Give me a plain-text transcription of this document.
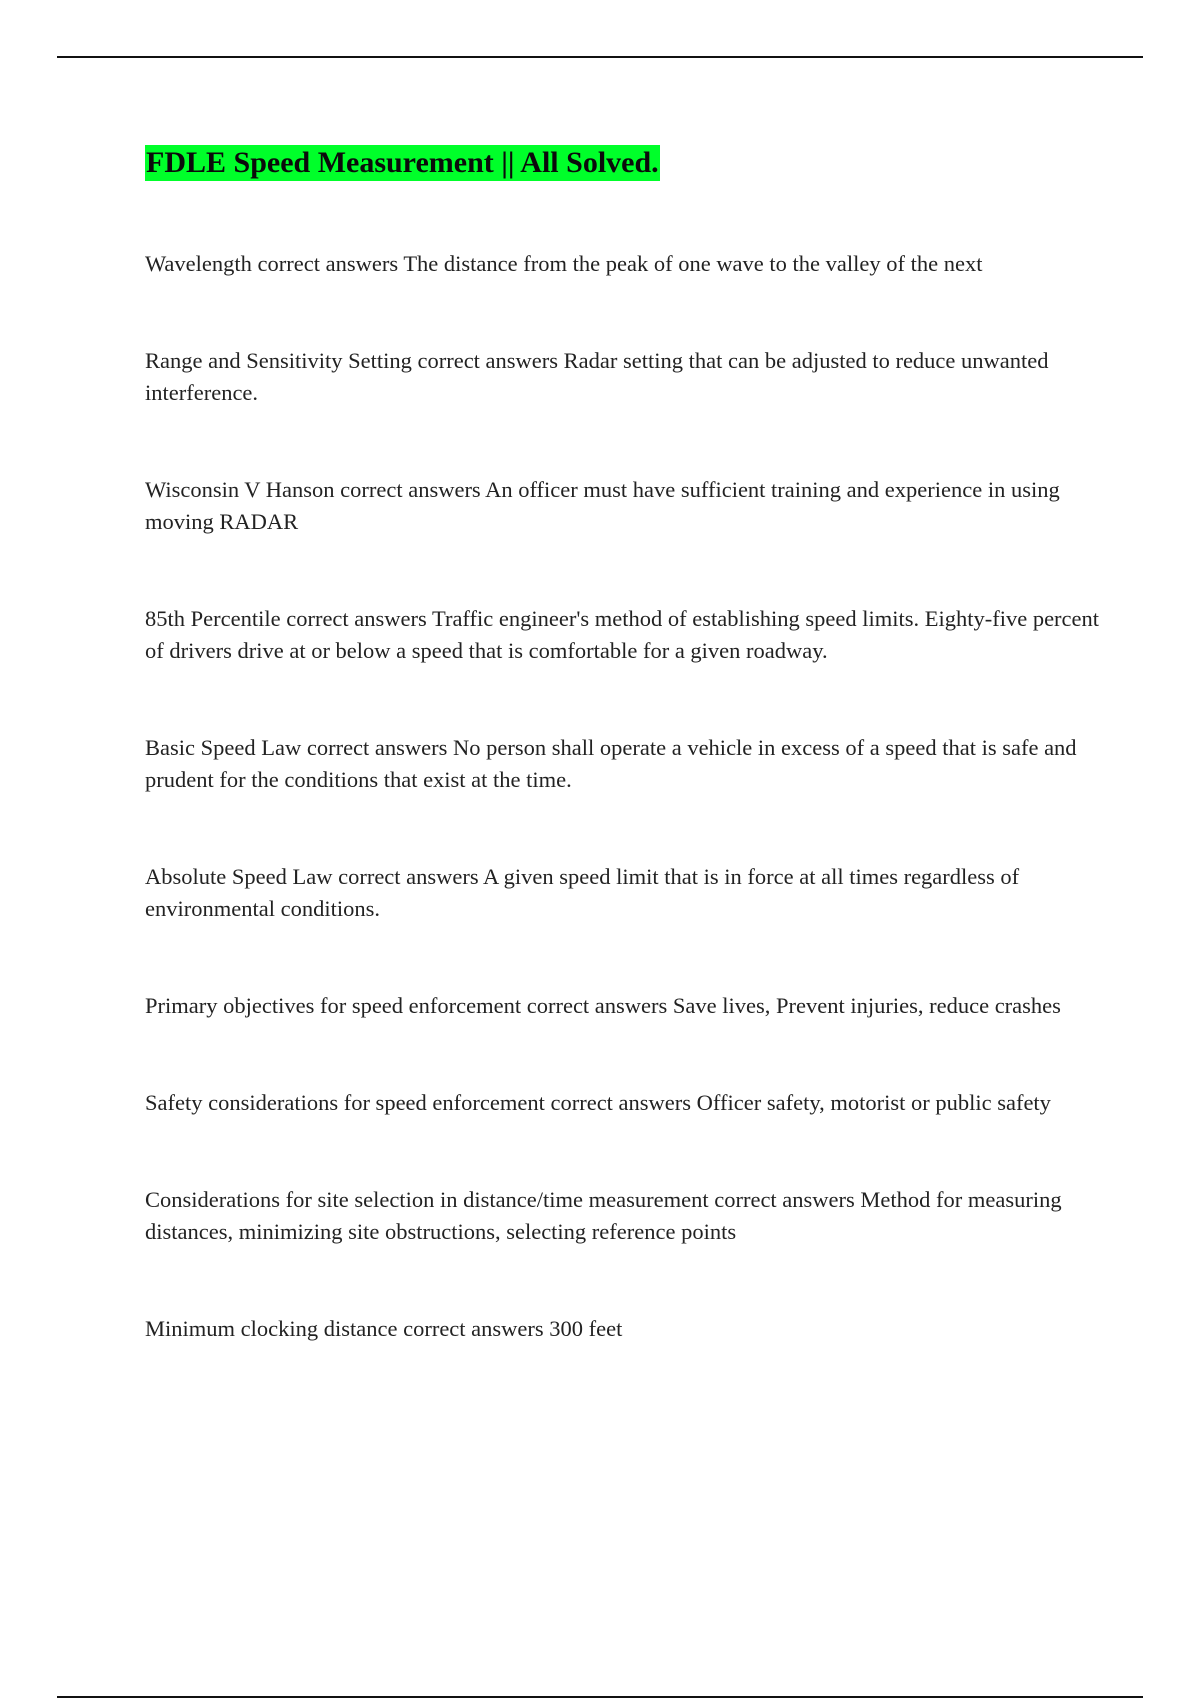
FDLE Speed Measurement || All Solved.

Wavelength correct answers The distance from the peak of one wave to the valley of the next

Range and Sensitivity Setting correct answers Radar setting that can be adjusted to reduce unwanted interference.

Wisconsin V Hanson correct answers An officer must have sufficient training and experience in using moving RADAR

85th Percentile correct answers Traffic engineer's method of establishing speed limits. Eighty-five percent of drivers drive at or below a speed that is comfortable for a given roadway.

Basic Speed Law correct answers No person shall operate a vehicle in excess of a speed that is safe and prudent for the conditions that exist at the time.

Absolute Speed Law correct answers A given speed limit that is in force at all times regardless of environmental conditions.

Primary objectives for speed enforcement correct answers Save lives, Prevent injuries, reduce crashes

Safety considerations for speed enforcement correct answers Officer safety, motorist or public safety

Considerations for site selection in distance/time measurement correct answers Method for measuring distances, minimizing site obstructions, selecting reference points

Minimum clocking distance correct answers 300 feet
